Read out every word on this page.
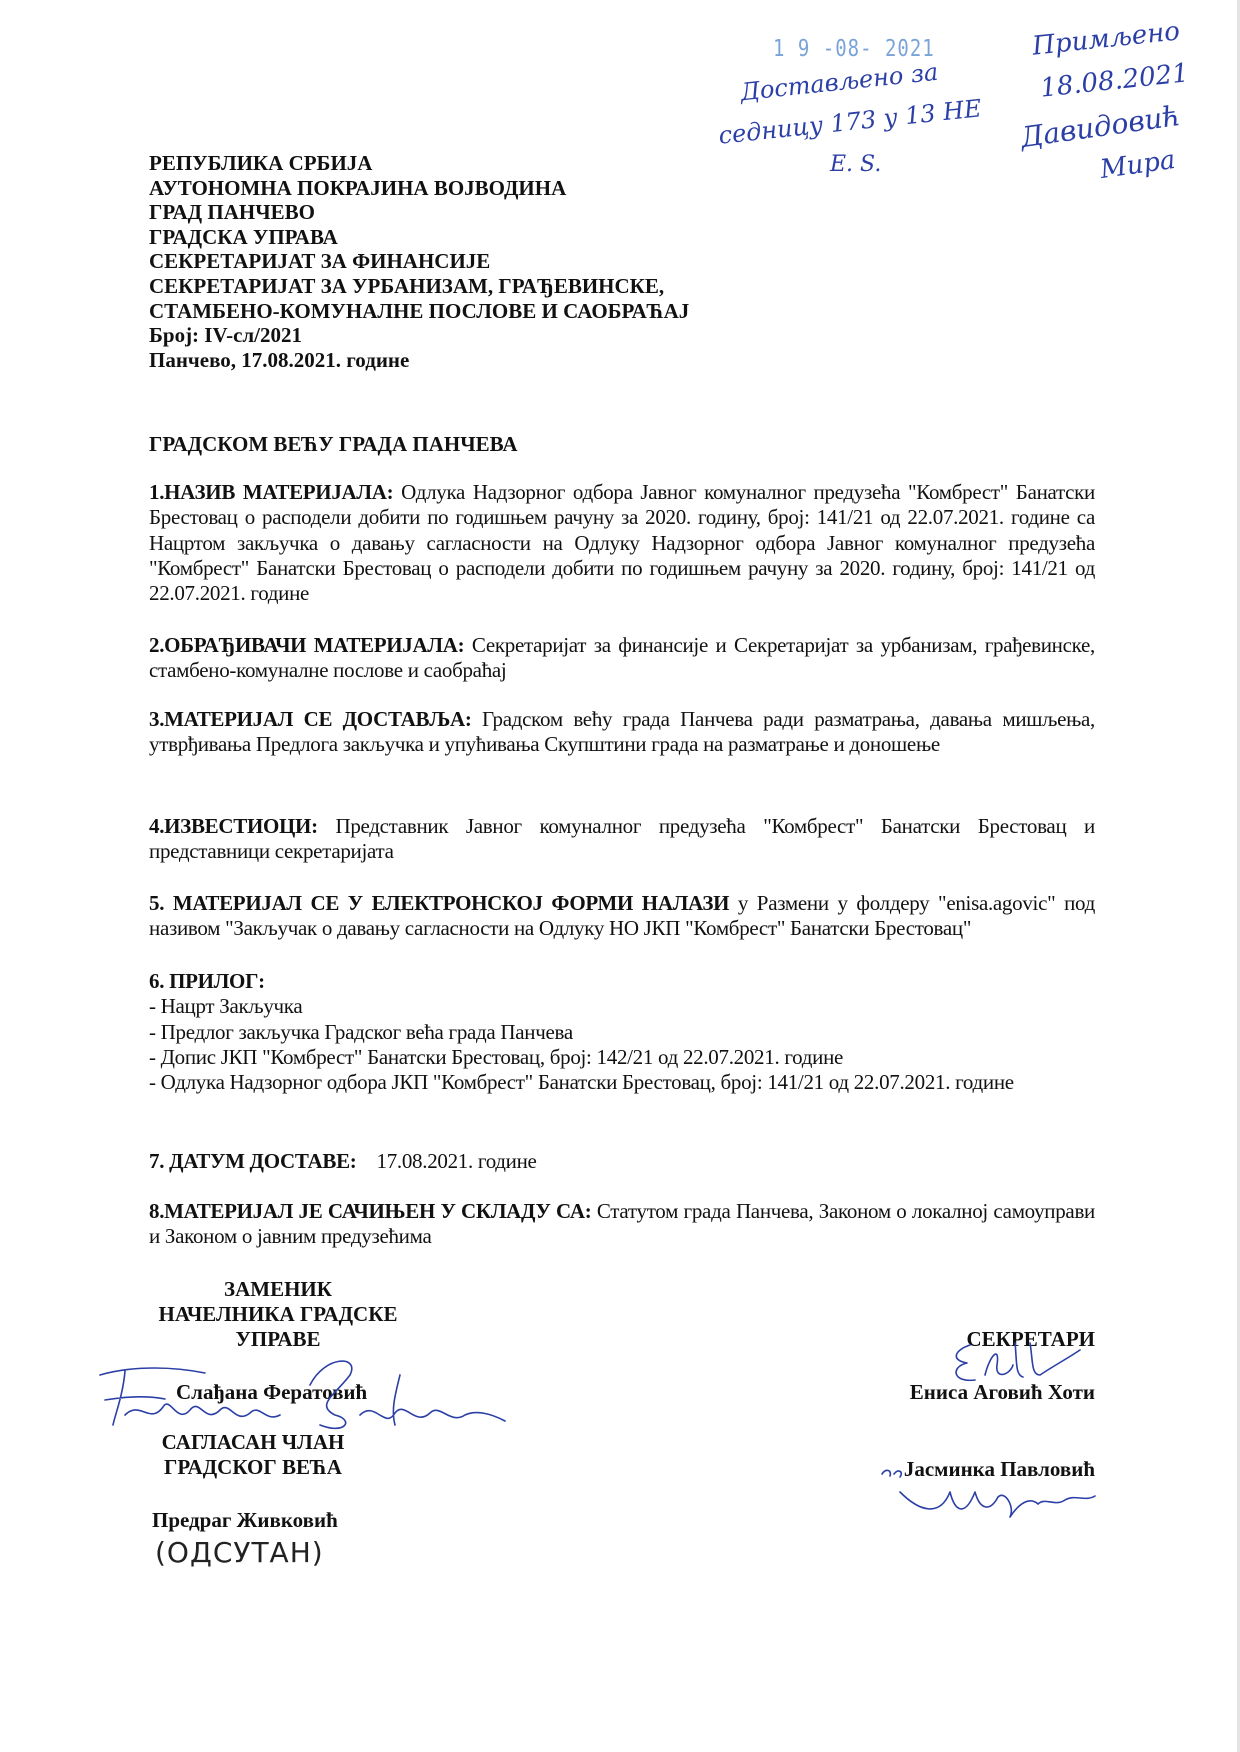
1 9 -08- 2021
Достављено за
седницу 173 у 13 НЕ
Е. S.
Примљено
18.08.2021
Давидовић
Мира
РЕПУБЛИКА СРБИЈА
АУТОНОМНА ПОКРАЈИНА ВОЈВОДИНА
ГРАД ПАНЧЕВО
ГРАДСКА УПРАВА
СЕКРЕТАРИЈАТ ЗА ФИНАНСИЈЕ
СЕКРЕТАРИЈАТ ЗА УРБАНИЗАМ, ГРАЂЕВИНСКЕ,
СТАМБЕНО-КОМУНАЛНЕ ПОСЛОВЕ И САОБРАЋАЈ
Број: IV-сл/2021
Панчево, 17.08.2021. године
ГРАДСКОМ ВЕЋУ ГРАДА ПАНЧЕВА
1.НАЗИВ МАТЕРИЈАЛА: Одлука Надзорног одбора Јавног комуналног предузећа "Комбрест" Банатски Брестовац о расподели добити по годишњем рачуну за 2020. годину, број: 141/21 од 22.07.2021. године са Нацртом закључка о давању сагласности на Одлуку Надзорног одбора Јавног комуналног предузећа "Комбрест" Банатски Брестовац о расподели добити по годишњем рачуну за 2020. годину, број: 141/21 од 22.07.2021. године
2.ОБРАЂИВАЧИ МАТЕРИЈАЛА: Секретаријат за финансије и Секретаријат за урбанизам, грађевинске, стамбено-комуналне послове и саобраћај
3.МАТЕРИЈАЛ СЕ ДОСТАВЉА: Градском већу града Панчева ради разматрања, давања мишљења, утврђивања Предлога закључка и упућивања Скупштини града на разматрање и доношење
4.ИЗВЕСТИОЦИ: Представник Јавног комуналног предузећа "Комбрест" Банатски Брестовац и представници секретаријата
5. МАТЕРИЈАЛ СЕ У ЕЛЕКТРОНСКОЈ ФОРМИ НАЛАЗИ у Размени у фолдеру "enisa.agovic" под називом "Закључак о давању сагласности на Одлуку НО ЈКП "Комбрест" Банатски Брестовац"
6. ПРИЛОГ:
- Нацрт Закључка
- Предлог закључка Градског већа града Панчева
- Допис ЈКП "Комбрест" Банатски Брестовац, број: 142/21 од 22.07.2021. године
- Одлука Надзорног одбора ЈКП "Комбрест" Банатски Брестовац, број: 141/21 од 22.07.2021. године
7. ДАТУМ ДОСТАВЕ: 17.08.2021. године
8.МАТЕРИЈАЛ ЈЕ САЧИЊЕН У СКЛАДУ СА: Статутом града Панчева, Законом о локалној самоуправи и Законом о јавним предузећима
ЗАМЕНИК
НАЧЕЛНИКА ГРАДСКЕ
УПРАВЕ
Слађана Фератовић
САГЛАСАН ЧЛАН
ГРАДСКОГ ВЕЋА
Предраг Живковић
(ОДСУТАН)
СЕКРЕТАРИ
Ениса Аговић Хоти
Јасминка Павловић
